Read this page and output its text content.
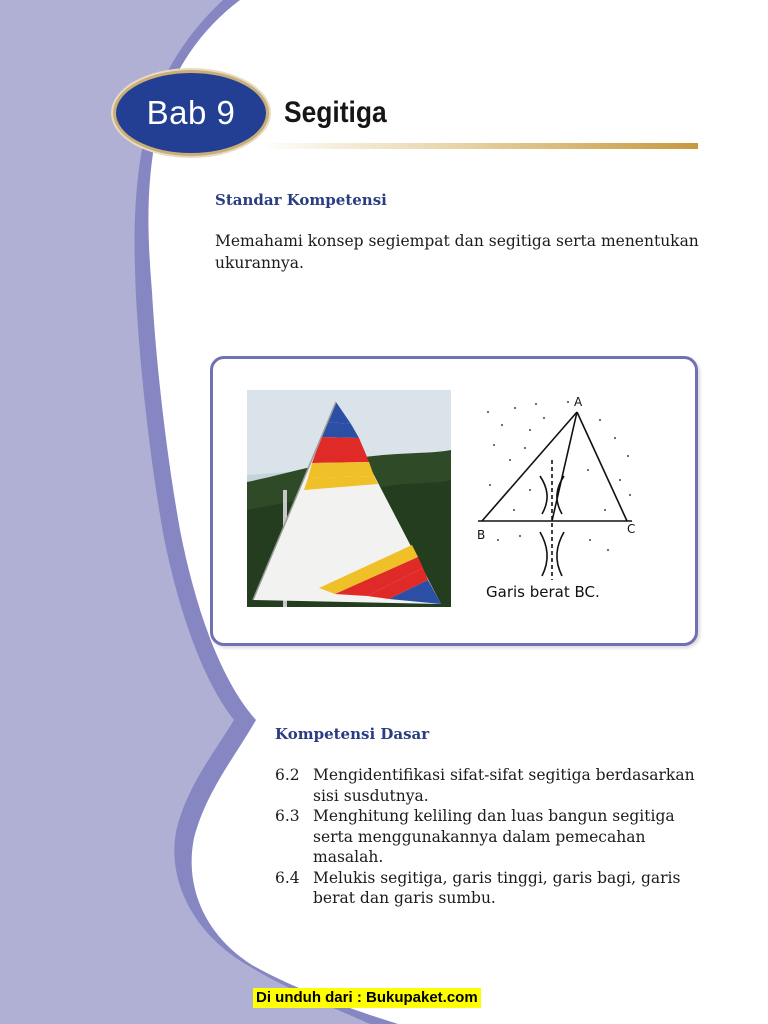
Bab 9 Segitiga
Standar Kompetensi
Memahami konsep segiempat dan segitiga serta menentukan
ukurannya.
A
B	C
Garis berat BC.
Kompetensi Dasar
6.2 Mengidentifikasi sifat-sifat segitiga berdasarkan
sisi susdutnya.
6.3 Menghitung keliling dan luas bangun segitiga
serta menggunakannya dalam pemecahan
masalah.
6.4 Melukis segitiga, garis tinggi, garis bagi, garis
berat dan garis sumbu.
Di unduh dari : Bukupaket.com
